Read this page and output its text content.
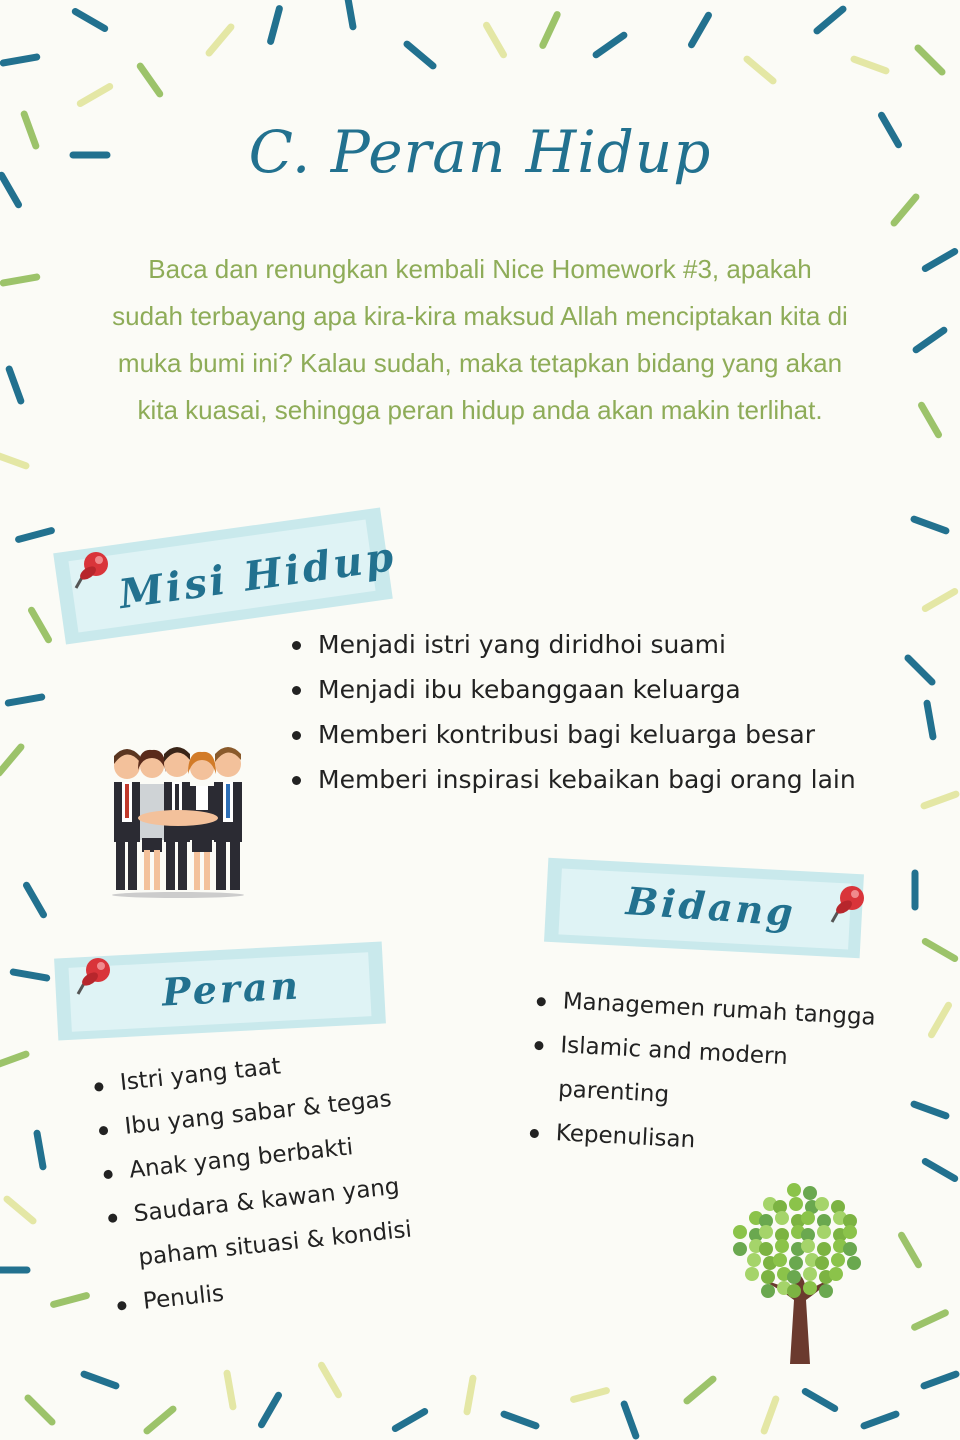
C. Peran Hidup
Baca dan renungkan kembali Nice Homework #3, apakah sudah terbayang apa kira-kira maksud Allah menciptakan kita di muka bumi ini? Kalau sudah, maka tetapkan bidang yang akan kita kuasai, sehingga peran hidup anda akan makin terlihat.
Misi Hidup
Menjadi istri yang diridhoi suami
Menjadi ibu kebanggaan keluarga
Memberi kontribusi bagi keluarga besar
Memberi inspirasi kebaikan bagi orang lain
Bidang
Managemen rumah tangga
Islamic and modern parenting
Kepenulisan
Peran
Istri yang taat
Ibu yang sabar & tegas
Anak yang berbakti
Saudara & kawan yang paham situasi & kondisi
Penulis
